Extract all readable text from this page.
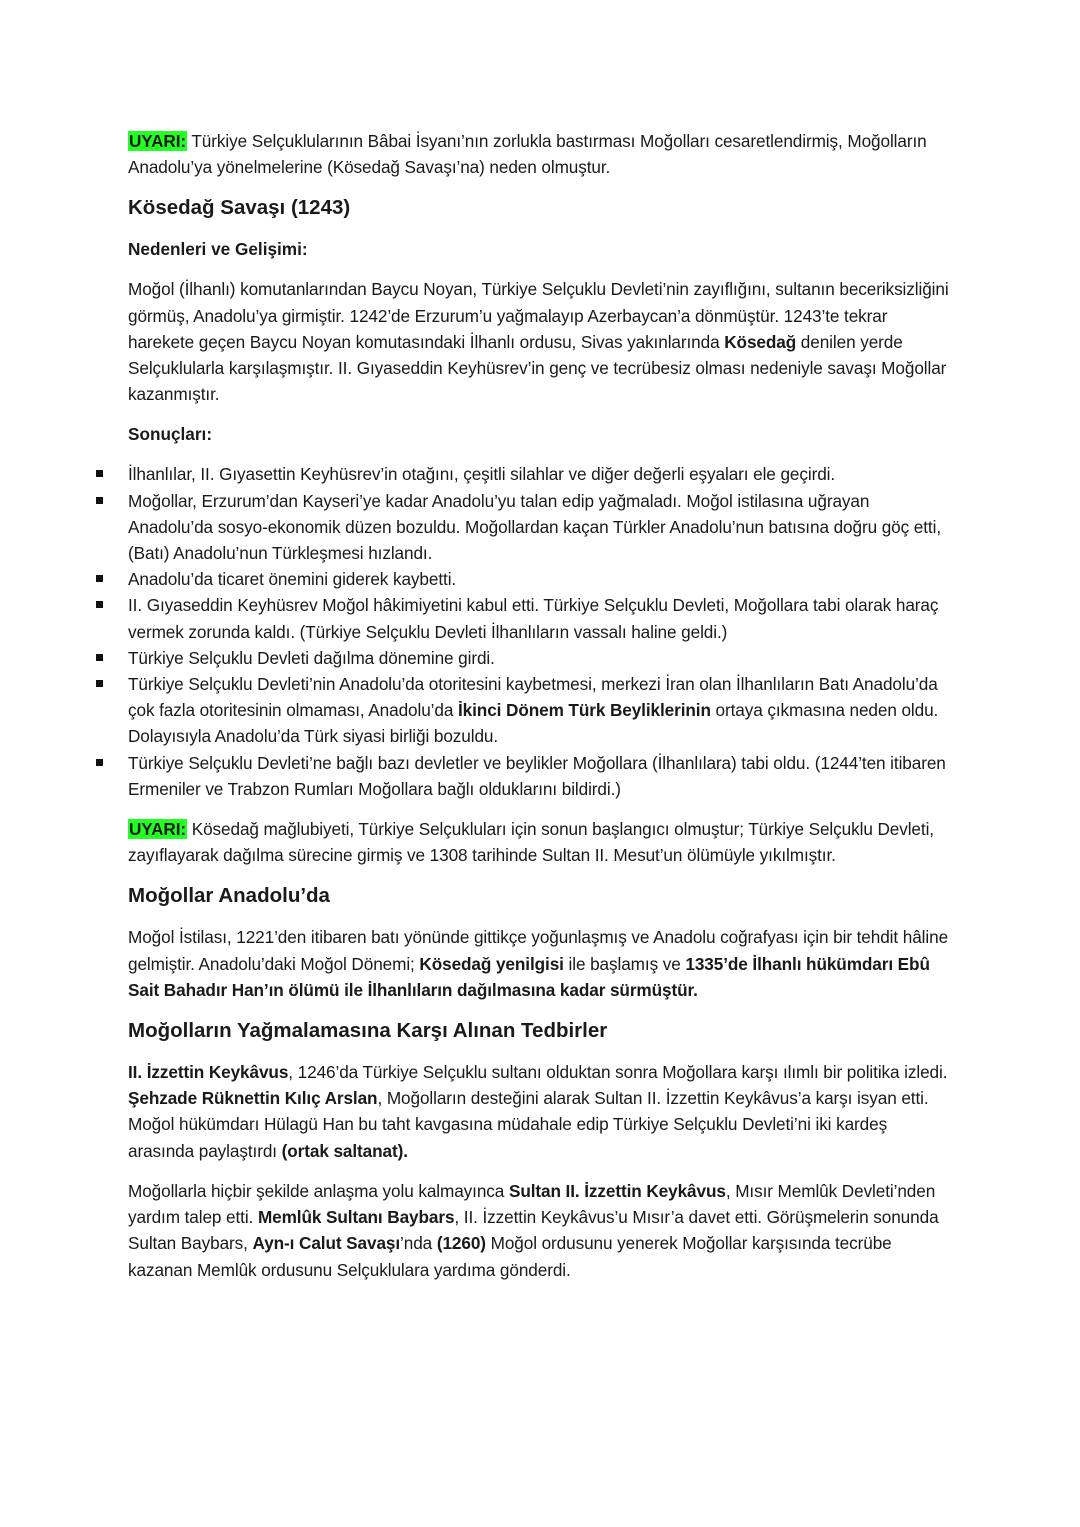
UYARI: Türkiye Selçuklularının Bâbai İsyanı’nın zorlukla bastırması Moğolları cesaretlendirmiş, Moğolların Anadolu’ya yönelmelerine (Kösedağ Savaşı’na) neden olmuştur.

Kösedağ Savaşı (1243)
Nedenleri ve Gelişimi:

Moğol (İlhanlı) komutanlarından Baycu Noyan, Türkiye Selçuklu Devleti’nin zayıflığını, sultanın beceriksizliğini görmüş, Anadolu’ya girmiştir. 1242’de Erzurum’u yağmalayıp Azerbaycan’a dönmüştür. 1243’te tekrar harekete geçen Baycu Noyan komutasındaki İlhanlı ordusu, Sivas yakınlarında Kösedağ denilen yerde Selçuklularla karşılaşmıştır. II. Gıyaseddin Keyhüsrev’in genç ve tecrübesiz olması nedeniyle savaşı Moğollar kazanmıştır.

Sonuçları:
İlhanlılar, II. Gıyasettin Keyhüsrev’in otağını, çeşitli silahlar ve diğer değerli eşyaları ele geçirdi.
Moğollar, Erzurum’dan Kayseri’ye kadar Anadolu’yu talan edip yağmaladı. Moğol istilasına uğrayan Anadolu’da sosyo-ekonomik düzen bozuldu. Moğollardan kaçan Türkler Anadolu’nun batısına doğru göç etti, (Batı) Anadolu’nun Türkleşmesi hızlandı.
Anadolu’da ticaret önemini giderek kaybetti.
II. Gıyaseddin Keyhüsrev Moğol hâkimiyetini kabul etti. Türkiye Selçuklu Devleti, Moğollara tabi olarak haraç vermek zorunda kaldı. (Türkiye Selçuklu Devleti İlhanlıların vassalı haline geldi.)
Türkiye Selçuklu Devleti dağılma dönemine girdi.
Türkiye Selçuklu Devleti’nin Anadolu’da otoritesini kaybetmesi, merkezi İran olan İlhanlıların Batı Anadolu’da çok fazla otoritesinin olmaması, Anadolu’da İkinci Dönem Türk Beyliklerinin ortaya çıkmasına neden oldu. Dolayısıyla Anadolu’da Türk siyasi birliği bozuldu.
Türkiye Selçuklu Devleti’ne bağlı bazı devletler ve beylikler Moğollara (İlhanlılara) tabi oldu. (1244’ten itibaren Ermeniler ve Trabzon Rumları Moğollara bağlı olduklarını bildirdi.)

UYARI: Kösedağ mağlubiyeti, Türkiye Selçukluları için sonun başlangıcı olmuştur; Türkiye Selçuklu Devleti, zayıflayarak dağılma sürecine girmiş ve 1308 tarihinde Sultan II. Mesut’un ölümüyle yıkılmıştır.

Moğollar Anadolu’da

Moğol İstilası, 1221’den itibaren batı yönünde gittikçe yoğunlaşmış ve Anadolu coğrafyası için bir tehdit hâline gelmiştir. Anadolu’daki Moğol Dönemi; Kösedağ yenilgisi ile başlamış ve 1335’de İlhanlı hükümdarı Ebû Sait Bahadır Han’ın ölümü ile İlhanlıların dağılmasına kadar sürmüştür.

Moğolların Yağmalamasına Karşı Alınan Tedbirler

II. İzzettin Keykâvus, 1246’da Türkiye Selçuklu sultanı olduktan sonra Moğollara karşı ılımlı bir politika izledi. Şehzade Rüknettin Kılıç Arslan, Moğolların desteğini alarak Sultan II. İzzettin Keykâvus’a karşı isyan etti. Moğol hükümdarı Hülagü Han bu taht kavgasına müdahale edip Türkiye Selçuklu Devleti’ni iki kardeş arasında paylaştırdı (ortak saltanat).

Moğollarla hiçbir şekilde anlaşma yolu kalmayınca Sultan II. İzzettin Keykâvus, Mısır Memlûk Devleti’nden yardım talep etti. Memlûk Sultanı Baybars, II. İzzettin Keykâvus’u Mısır’a davet etti. Görüşmelerin sonunda Sultan Baybars, Ayn-ı Calut Savaşı’nda (1260) Moğol ordusunu yenerek Moğollar karşısında tecrübe kazanan Memlûk ordusunu Selçuklulara yardıma gönderdi.
